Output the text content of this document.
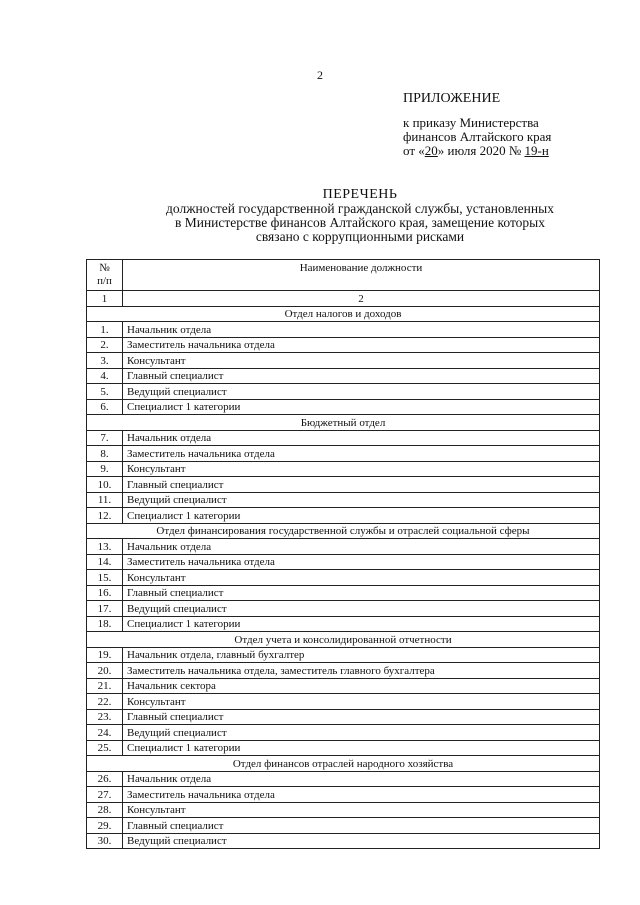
2
ПРИЛОЖЕНИЕ
к приказу Министерства
финансов Алтайского края
от «20» июля 2020 № 19-н
ПЕРЕЧЕНЬ
должностей государственной гражданской службы, установленных
в Министерстве финансов Алтайского края, замещение которых
связано с коррупционными рисками
№
п/п	Наименование должности
1	2
Отдел налогов и доходов	
1.	Начальник отдела
2.	Заместитель начальника отдела
3.	Консультант
4.	Главный специалист
5.	Ведущий специалист
6.	Специалист 1 категории
Бюджетный отдел	
7.	Начальник отдела
8.	Заместитель начальника отдела
9.	Консультант
10.	Главный специалист
11.	Ведущий специалист
12.	Специалист 1 категории
Отдел финансирования государственной службы и отраслей социальной сферы	
13.	Начальник отдела
14.	Заместитель начальника отдела
15.	Консультант
16.	Главный специалист
17.	Ведущий специалист
18.	Специалист 1 категории
Отдел учета и консолидированной отчетности	
19.	Начальник отдела, главный бухгалтер
20.	Заместитель начальника отдела, заместитель главного бухгалтера
21.	Начальник сектора
22.	Консультант
23.	Главный специалист
24.	Ведущий специалист
25.	Специалист 1 категории
Отдел финансов отраслей народного хозяйства	
26.	Начальник отдела
27.	Заместитель начальника отдела
28.	Консультант
29.	Главный специалист
30.	Ведущий специалист
